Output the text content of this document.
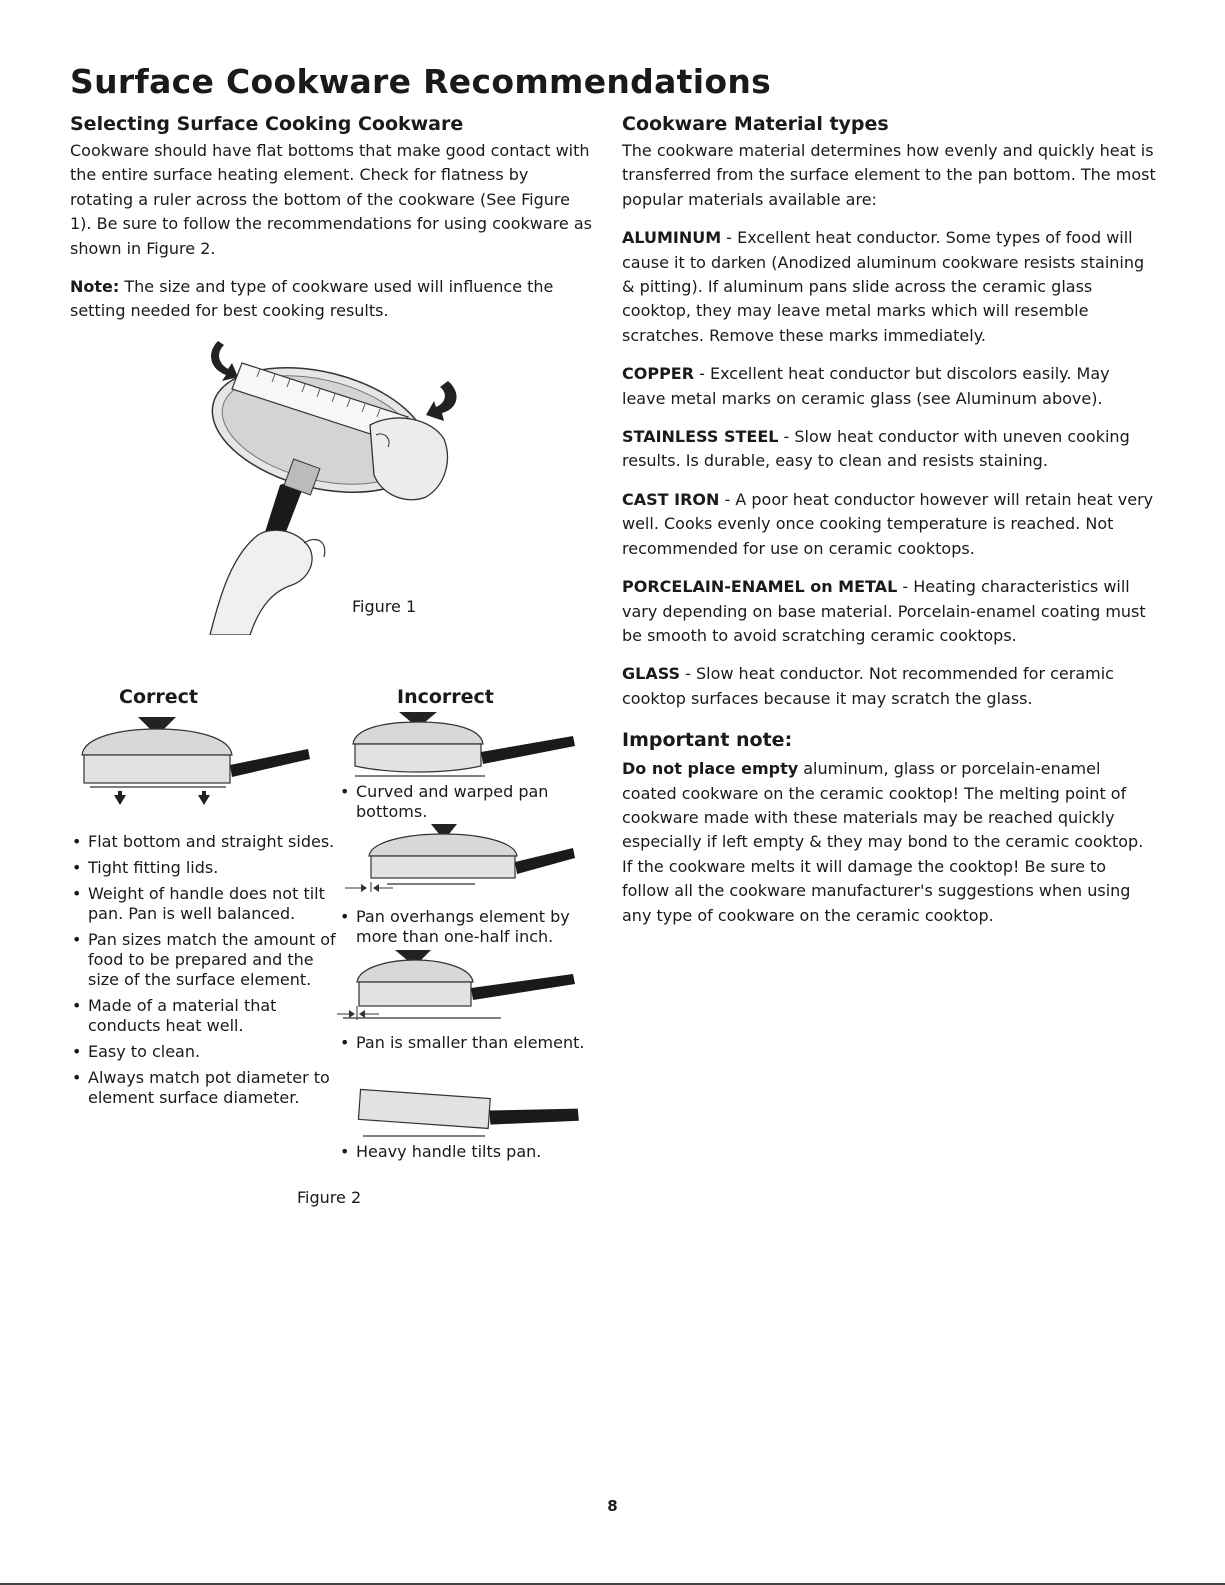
Surface Cookware Recommendations
Selecting Surface Cooking Cookware

Cookware should have flat bottoms that make good contact with the entire surface heating element. Check for flatness by rotating a ruler across the bottom of the cookware (See Figure 1). Be sure to follow the recommendations for using cookware as shown in Figure 2.

Note: The size and type of cookware used will influence the setting needed for best cooking results.

Figure 1
Correct	Incorrect
• Flat bottom and straight sides.
• Tight fitting lids.
• Weight of handle does not tilt pan. Pan is well balanced.
• Pan sizes match the amount of food to be prepared and the size of the surface element.
• Made of a material that conducts heat well.
• Easy to clean.
• Always match pot diameter to element surface diameter.
• Curved and warped pan bottoms.
• Pan overhangs element by more than one-half inch.
• Pan is smaller than element.
• Heavy handle tilts pan.
Figure 2
Cookware Material types

The cookware material determines how evenly and quickly heat is transferred from the surface element to the pan bottom. The most popular materials available are:

ALUMINUM - Excellent heat conductor. Some types of food will cause it to darken (Anodized aluminum cookware resists staining & pitting). If aluminum pans slide across the ceramic glass cooktop, they may leave metal marks which will resemble scratches. Remove these marks immediately.

COPPER - Excellent heat conductor but discolors easily. May leave metal marks on ceramic glass (see Aluminum above).

STAINLESS STEEL - Slow heat conductor with uneven cooking results. Is durable, easy to clean and resists staining.

CAST IRON - A poor heat conductor however will retain heat very well. Cooks evenly once cooking temperature is reached. Not recommended for use on ceramic cooktops.

PORCELAIN-ENAMEL on METAL - Heating characteristics will vary depending on base material. Porcelain-enamel coating must be smooth to avoid scratching ceramic cooktops.

GLASS - Slow heat conductor. Not recommended for ceramic cooktop surfaces because it may scratch the glass.

Important note:

Do not place empty aluminum, glass or porcelain-enamel coated cookware on the ceramic cooktop! The melting point of cookware made with these materials may be reached quickly especially if left empty & they may bond to the ceramic cooktop. If the cookware melts it will damage the cooktop! Be sure to follow all the cookware manufacturer's suggestions when using any type of cookware on the ceramic cooktop.

8
